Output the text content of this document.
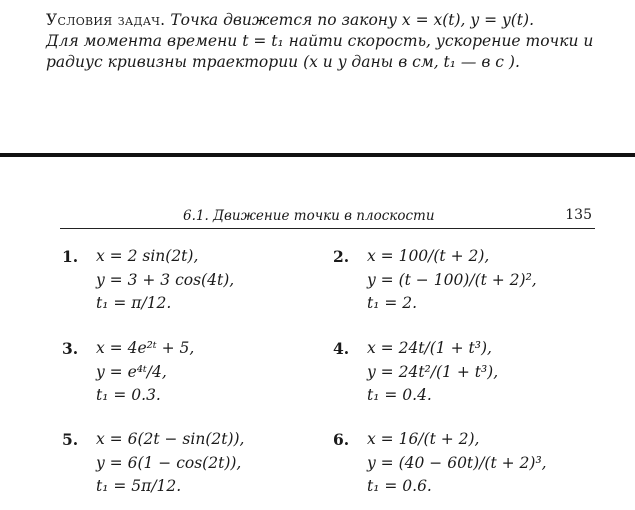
Условия задач. Точка движется по закону x = x(t), y = y(t).
Для момента времени t = t₁ найти скорость, ускорение точки и
радиус кривизны траектории (x и y даны в см, t₁ — в с ).
6.1. Движение точки в плоскости	135
1. x = 2 sin(2t),
y = 3 + 3 cos(4t),
t₁ = π/12.
2. x = 100/(t + 2),
y = (t − 100)/(t + 2)²,
t₁ = 2.
3. x = 4e²ᵗ + 5,
y = e⁴ᵗ/4,
t₁ = 0.3.
4. x = 24t/(1 + t³),
y = 24t²/(1 + t³),
t₁ = 0.4.
5. x = 6(2t − sin(2t)),
y = 6(1 − cos(2t)),
t₁ = 5π/12.
6. x = 16/(t + 2),
y = (40 − 60t)/(t + 2)³,
t₁ = 0.6.
